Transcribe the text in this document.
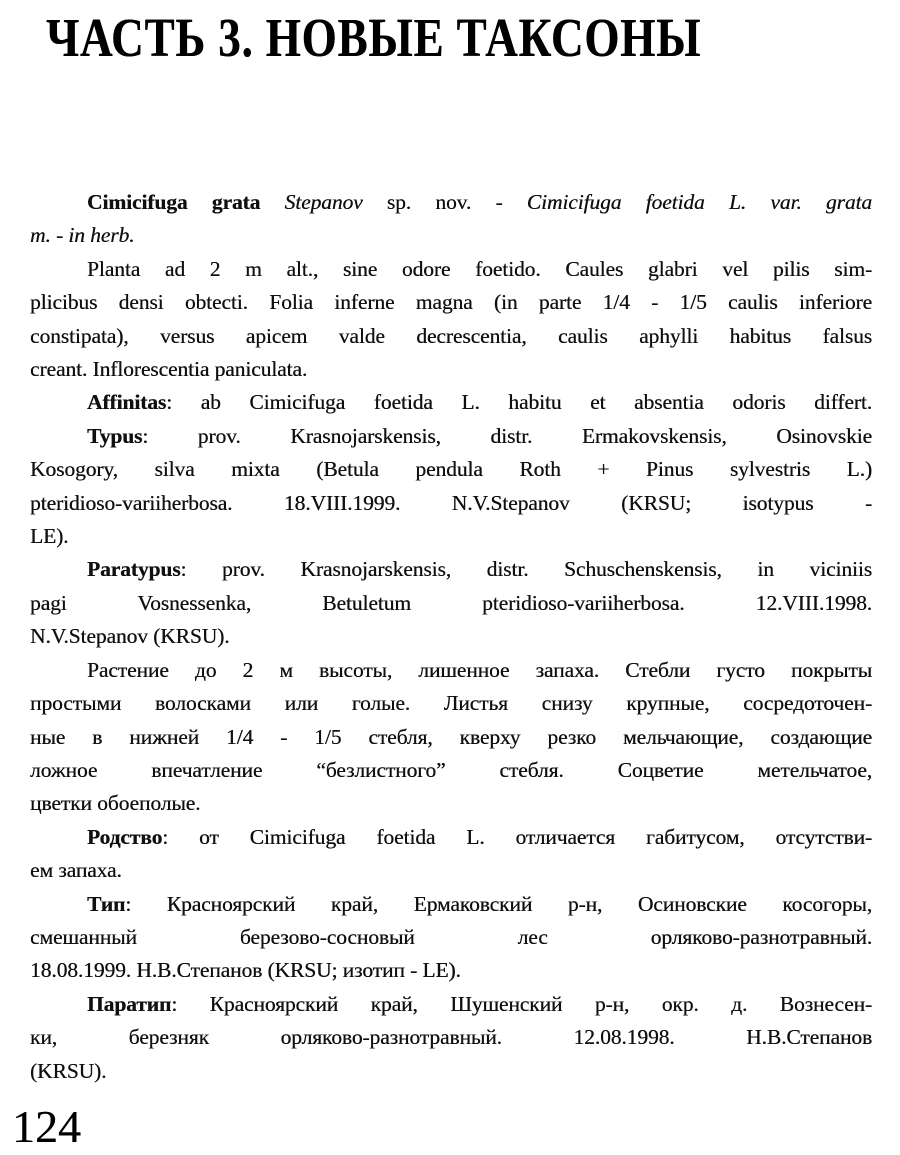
ЧАСТЬ 3. НОВЫЕ ТАКСОНЫ
Cimicifuga grata Stepanov sp. nov. - Cimicifuga foetida L. var. grata
m. - in herb.
Planta ad 2 m alt., sine odore foetido. Caules glabri vel pilis sim-
plicibus densi obtecti. Folia inferne magna (in parte 1/4 - 1/5 caulis inferiore
constipata), versus apicem valde decrescentia, caulis aphylli habitus falsus
creant. Inflorescentia paniculata.
Affinitas: ab Cimicifuga foetida L. habitu et absentia odoris differt.
Typus: prov. Krasnojarskensis, distr. Ermakovskensis, Osinovskie
Kosogory, silva mixta (Betula pendula Roth + Pinus sylvestris L.)
pteridioso-variiherbosa. 18.VIII.1999. N.V.Stepanov (KRSU; isotypus -
LE).
Paratypus: prov. Krasnojarskensis, distr. Schuschenskensis, in viciniis
pagi Vosnessenka, Betuletum pteridioso-variiherbosa. 12.VIII.1998.
N.V.Stepanov (KRSU).
Растение до 2 м высоты, лишенное запаха. Стебли густо покрыты
простыми волосками или голые. Листья снизу крупные, сосредоточен-
ные в нижней 1/4 - 1/5 стебля, кверху резко мельчающие, создающие
ложное впечатление “безлистного” стебля. Соцветие метельчатое,
цветки обоеполые.
Родство: от Cimicifuga foetida L. отличается габитусом, отсутстви-
ем запаха.
Тип: Красноярский край, Ермаковский р-н, Осиновские косогоры,
смешанный березово-сосновый лес орляково-разнотравный.
18.08.1999. Н.В.Степанов (KRSU; изотип - LE).
Паратип: Красноярский край, Шушенский р-н, окр. д. Вознесен-
ки, березняк орляково-разнотравный. 12.08.1998. Н.В.Степанов
(KRSU).
124
